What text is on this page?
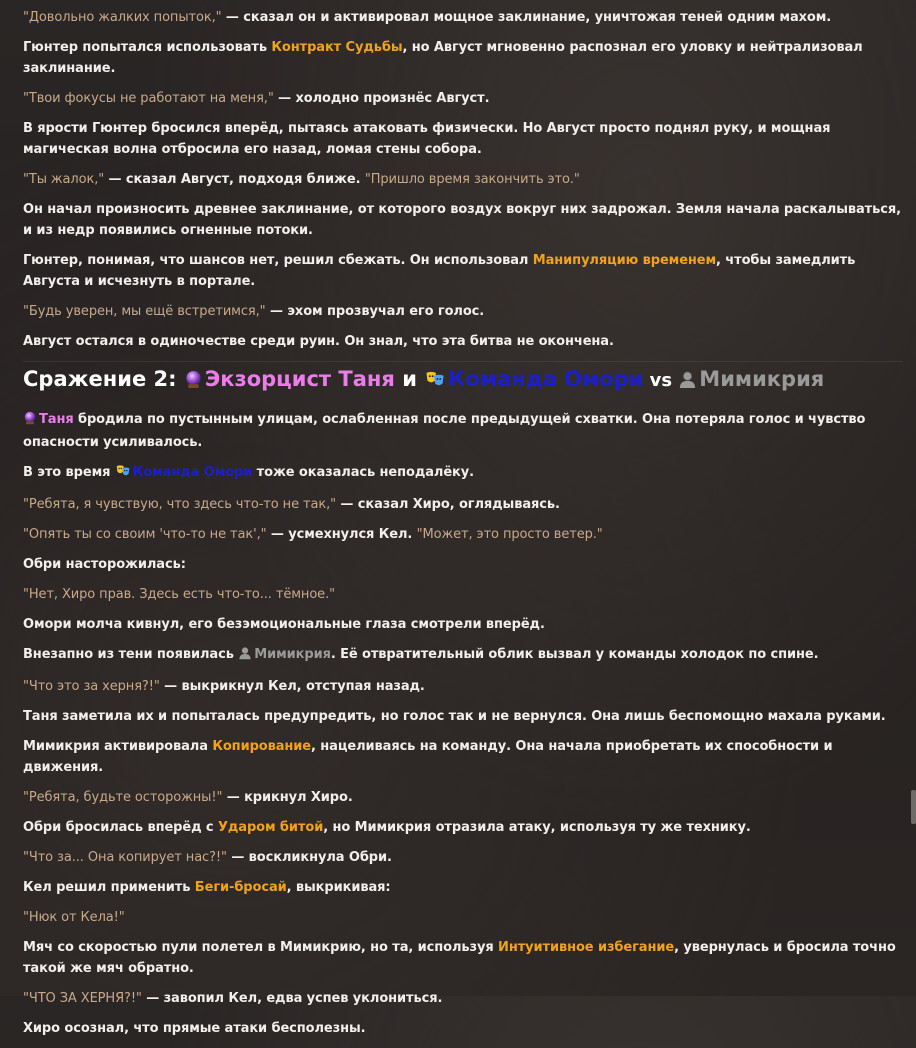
"Довольно жалких попыток," — сказал он и активировал мощное заклинание, уничтожая теней одним махом.
Гюнтер попытался использовать Контракт Судьбы, но Август мгновенно распознал его уловку и нейтрализовал заклинание.
"Твои фокусы не работают на меня," — холодно произнёс Август.
В ярости Гюнтер бросился вперёд, пытаясь атаковать физически. Но Август просто поднял руку, и мощная магическая волна отбросила его назад, ломая стены собора.
"Ты жалок," — сказал Август, подходя ближе. "Пришло время закончить это."
Он начал произносить древнее заклинание, от которого воздух вокруг них задрожал. Земля начала раскалываться, и из недр появились огненные потоки.
Гюнтер, понимая, что шансов нет, решил сбежать. Он использовал Манипуляцию временем, чтобы замедлить Августа и исчезнуть в портале.
"Будь уверен, мы ещё встретимся," — эхом прозвучал его голос.
Август остался в одиночестве среди руин. Он знал, что эта битва не окончена.
Сражение 2: Экзорцист Таня и Команда Омори vs Мимикрия
Таня бродила по пустынным улицам, ослабленная после предыдущей схватки. Она потеряла голос и чувство опасности усиливалось.
В это время Команда Омори тоже оказалась неподалёку.
"Ребята, я чувствую, что здесь что-то не так," — сказал Хиро, оглядываясь.
"Опять ты со своим 'что-то не так'," — усмехнулся Кел. "Может, это просто ветер."
Обри насторожилась:
"Нет, Хиро прав. Здесь есть что-то... тёмное."
Омори молча кивнул, его безэмоциональные глаза смотрели вперёд.
Внезапно из тени появилась Мимикрия. Её отвратительный облик вызвал у команды холодок по спине.
"Что это за херня?!" — выкрикнул Кел, отступая назад.
Таня заметила их и попыталась предупредить, но голос так и не вернулся. Она лишь беспомощно махала руками.
Мимикрия активировала Копирование, нацеливаясь на команду. Она начала приобретать их способности и движения.
"Ребята, будьте осторожны!" — крикнул Хиро.
Обри бросилась вперёд с Ударом битой, но Мимикрия отразила атаку, используя ту же технику.
"Что за... Она копирует нас?!" — воскликнула Обри.
Кел решил применить Беги-бросай, выкрикивая:
"Нюк от Кела!"
Мяч со скоростью пули полетел в Мимикрию, но та, используя Интуитивное избегание, увернулась и бросила точно такой же мяч обратно.
"ЧТО ЗА ХЕРНЯ?!" — завопил Кел, едва успев уклониться.
Хиро осознал, что прямые атаки бесполезны.
